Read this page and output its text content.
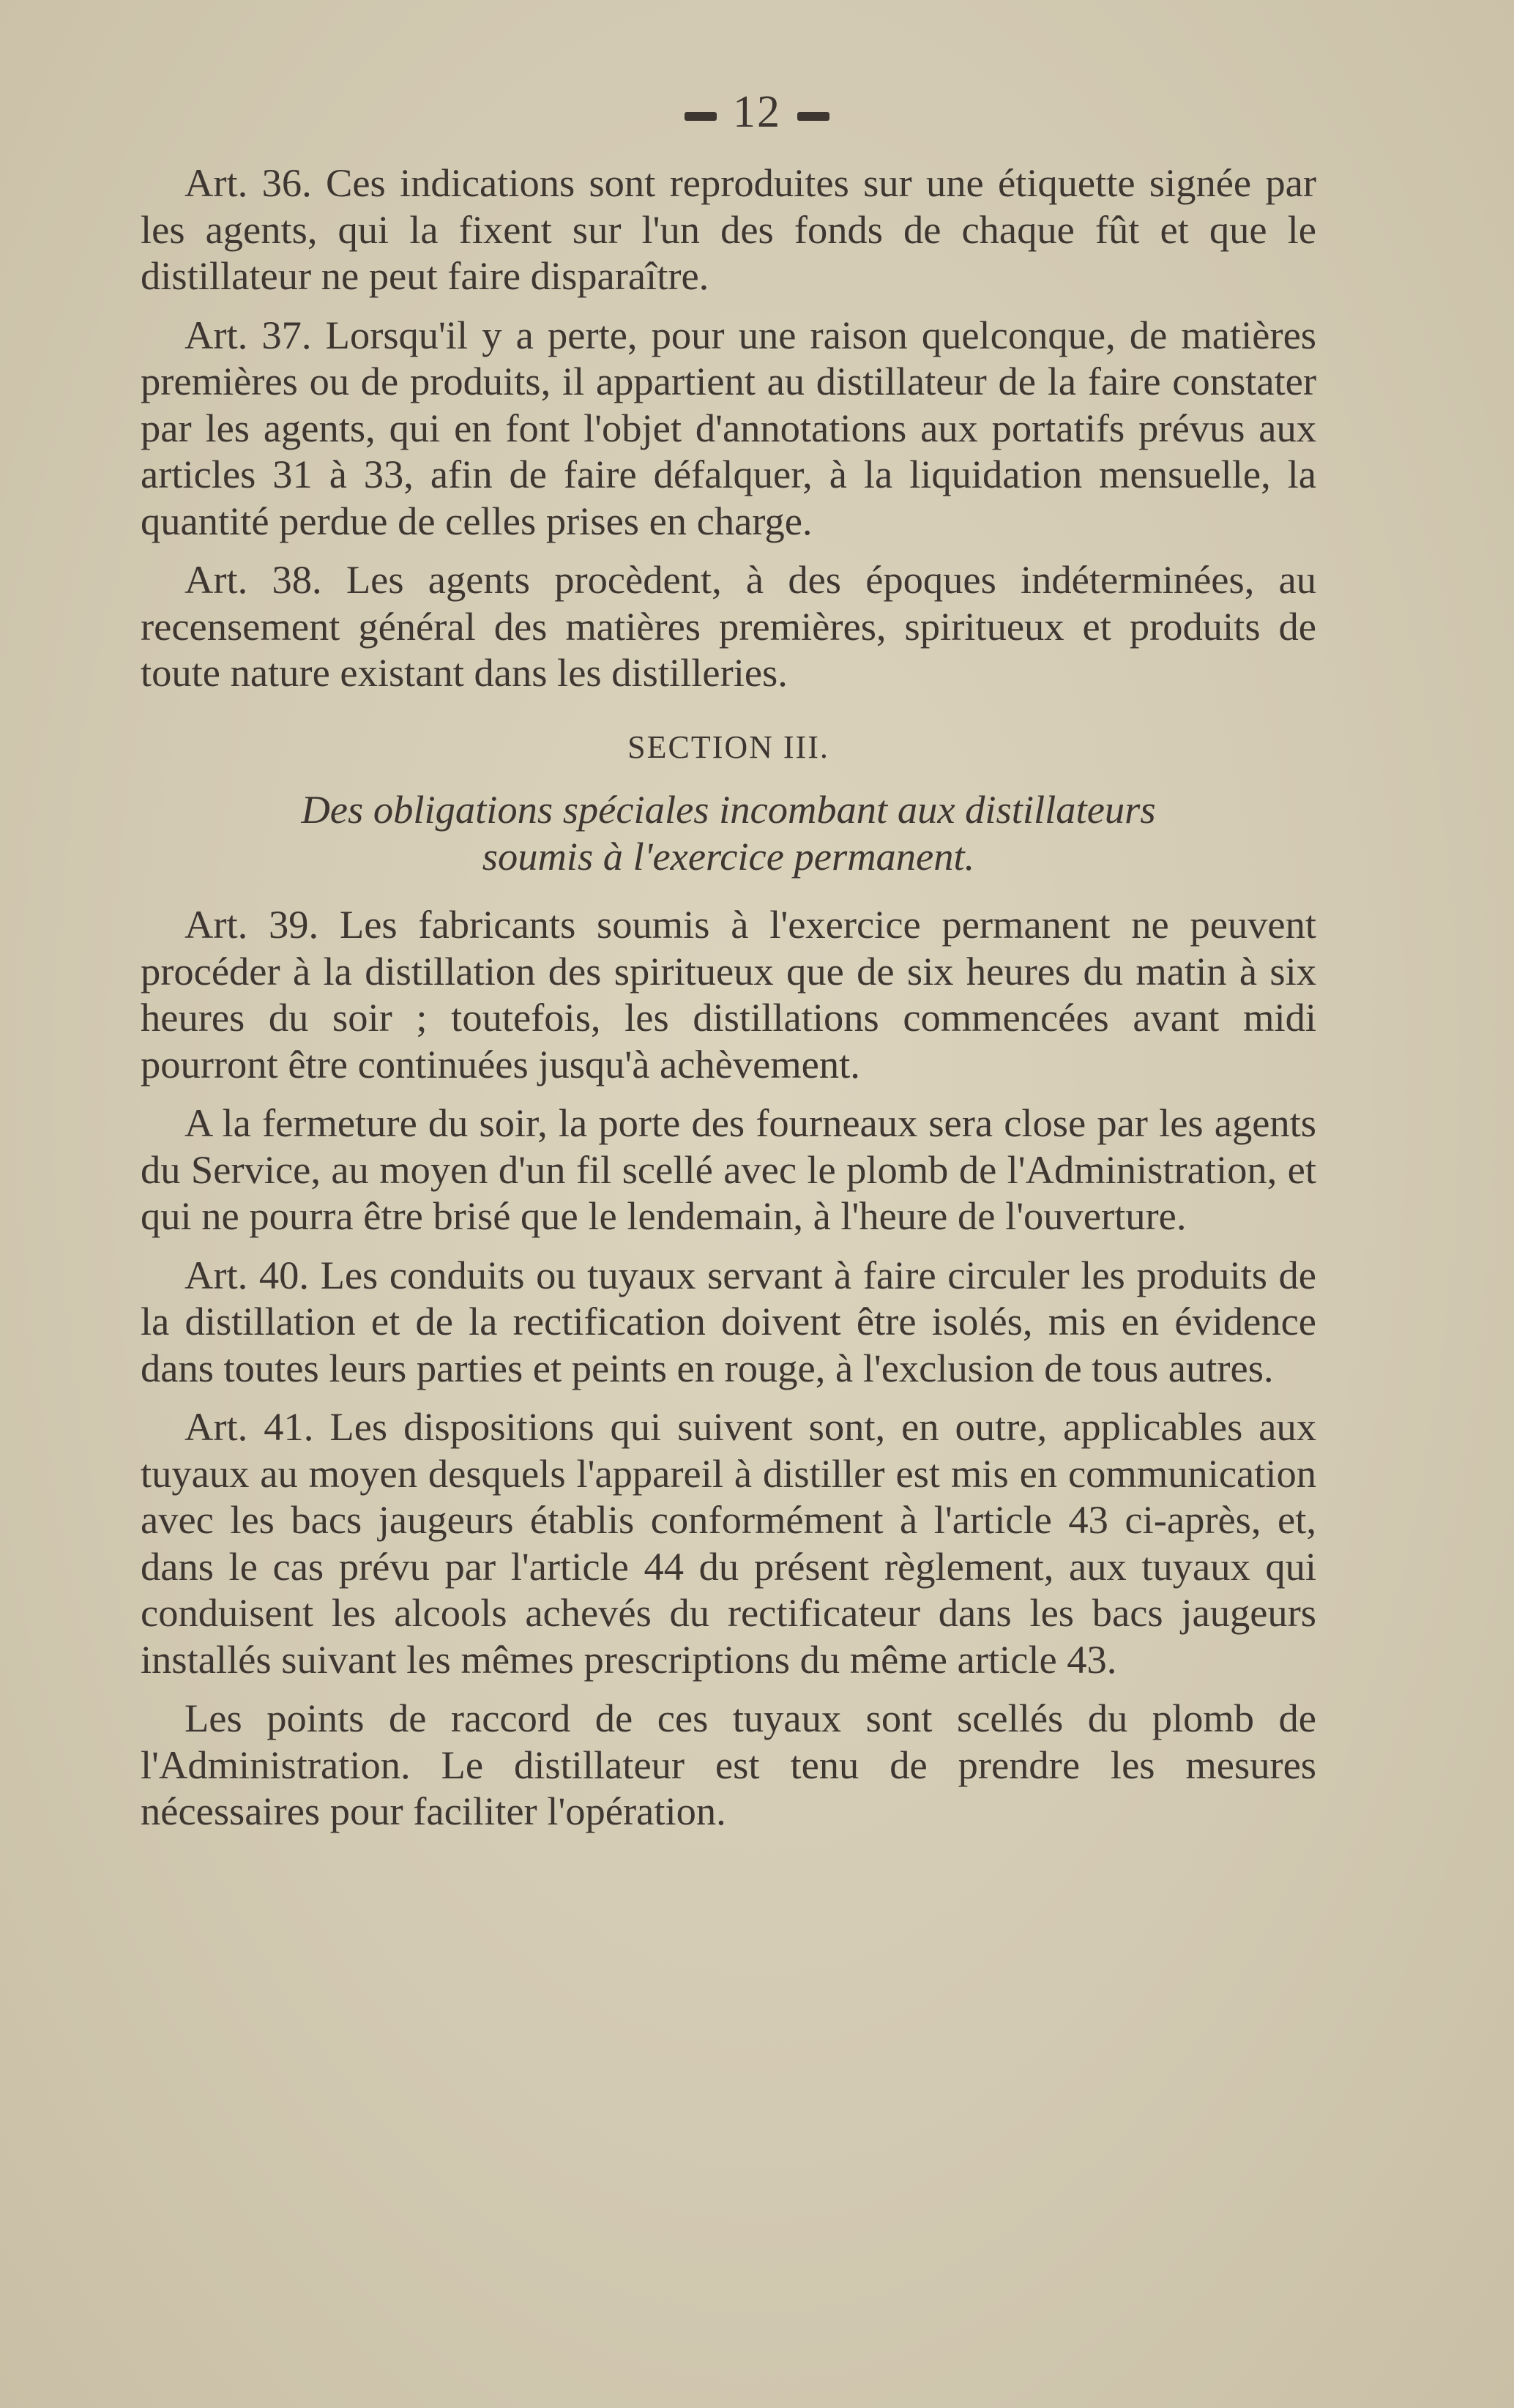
12

Art. 36. Ces indications sont reproduites sur une étiquette signée par les agents, qui la fixent sur l'un des fonds de chaque fût et que le distillateur ne peut faire disparaître.

Art. 37. Lorsqu'il y a perte, pour une raison quelconque, de matières premières ou de produits, il appartient au distillateur de la faire constater par les agents, qui en font l'objet d'annotations aux portatifs prévus aux articles 31 à 33, afin de faire défalquer, à la liquidation mensuelle, la quantité perdue de celles prises en charge.

Art. 38. Les agents procèdent, à des époques indéterminées, au recensement général des matières premières, spiritueux et produits de toute nature existant dans les distilleries.

SECTION III.
Des obligations spéciales incombant aux distillateurs
soumis à l'exercice permanent.

Art. 39. Les fabricants soumis à l'exercice permanent ne peuvent procéder à la distillation des spiritueux que de six heures du matin à six heures du soir ; toutefois, les distillations commencées avant midi pourront être continuées jusqu'à achèvement.

A la fermeture du soir, la porte des fourneaux sera close par les agents du Service, au moyen d'un fil scellé avec le plomb de l'Administration, et qui ne pourra être brisé que le lendemain, à l'heure de l'ouverture.

Art. 40. Les conduits ou tuyaux servant à faire circuler les produits de la distillation et de la rectification doivent être isolés, mis en évidence dans toutes leurs parties et peints en rouge, à l'exclusion de tous autres.

Art. 41. Les dispositions qui suivent sont, en outre, applicables aux tuyaux au moyen desquels l'appareil à distiller est mis en communication avec les bacs jaugeurs établis conformément à l'article 43 ci-après, et, dans le cas prévu par l'article 44 du présent règlement, aux tuyaux qui conduisent les alcools achevés du rectificateur dans les bacs jaugeurs installés suivant les mêmes prescriptions du même article 43.

Les points de raccord de ces tuyaux sont scellés du plomb de l'Administration. Le distillateur est tenu de prendre les mesures nécessaires pour faciliter l'opération.
